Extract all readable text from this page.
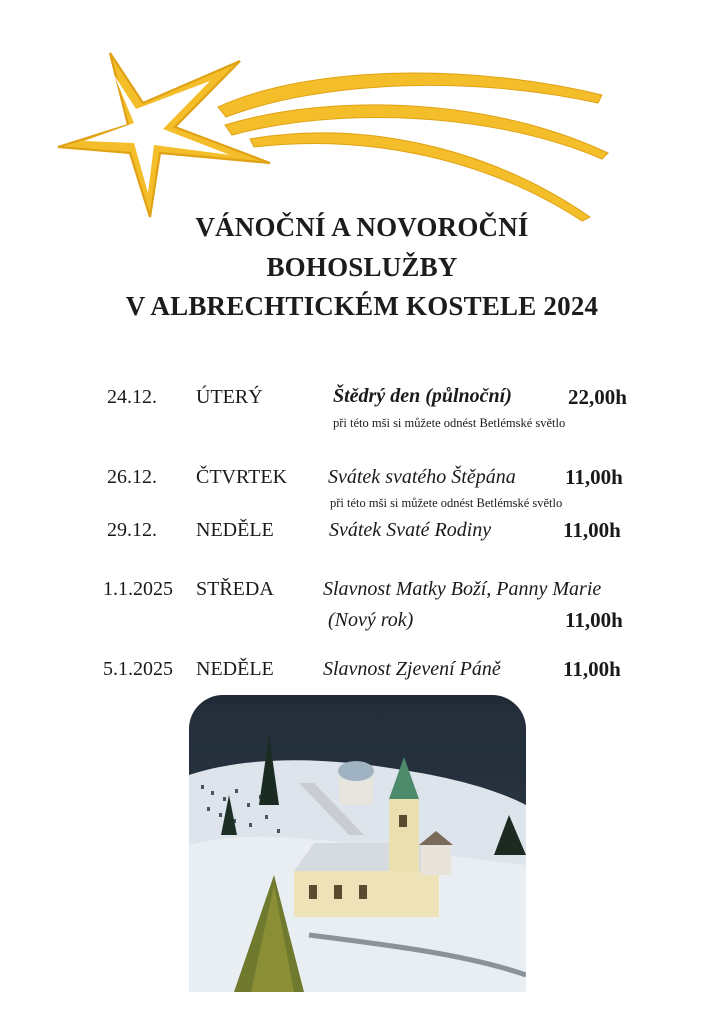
VÁNOČNÍ A NOVOROČNÍ
BOHOSLUŽBY
V ALBRECHTICKÉM KOSTELE 2024
24.12. ÚTERÝ	Štědrý den (půlnoční)	22,00h
při této mši si můžete odnést Betlémské světlo
26.12. ČTVRTEK Svátek svatého Štěpána 11,00h
při této mši si můžete odnést Betlémské světlo
29.12. NEDĚLE	Svátek Svaté Rodiny	11,00h
1.1.2025 STŘEDA Slavnost Matky Boží, Panny Marie
(Nový rok)	11,00h
5.1.2025 NEDĚLE Slavnost Zjevení Páně	11,00h
